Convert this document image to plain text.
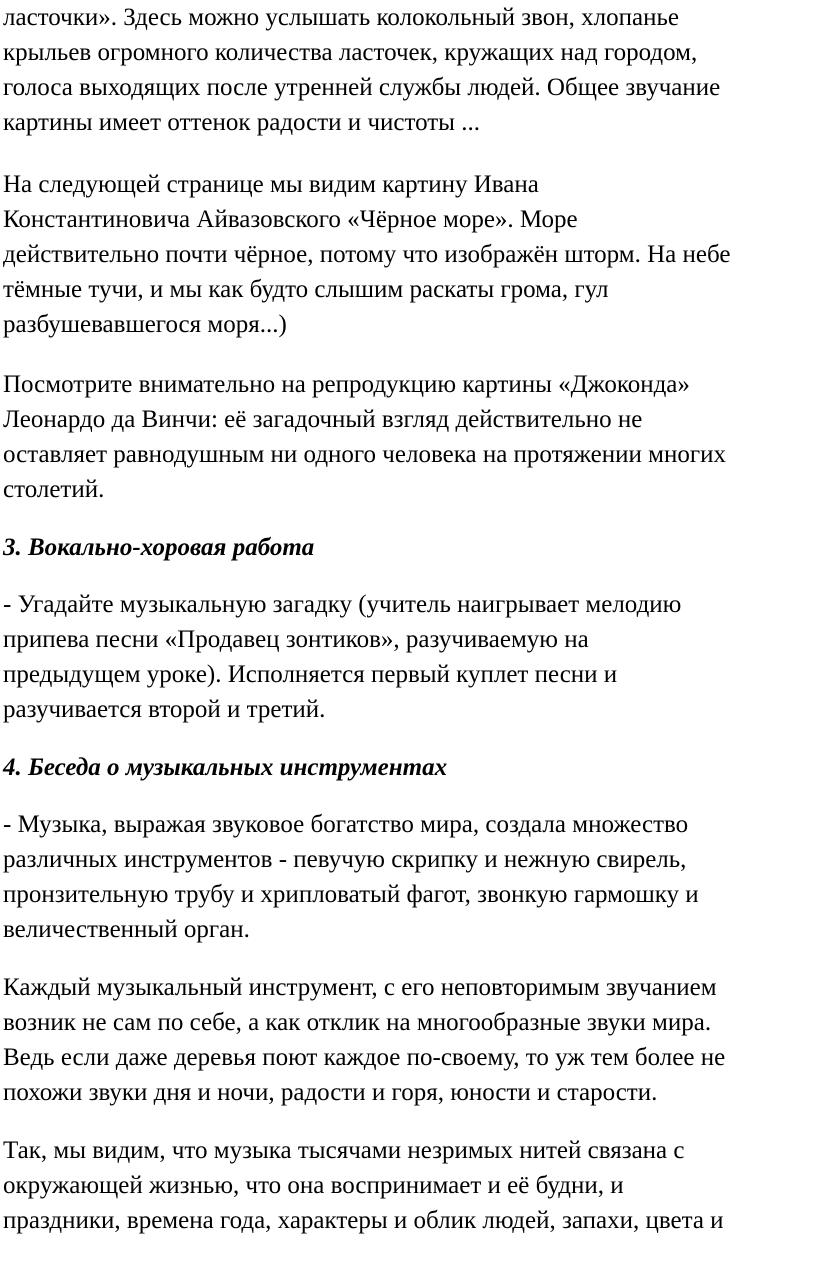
ласточки». Здесь можно услышать колокольный звон, хлопанье
крыльев огромного количества ласточек, кружащих над городом,
голоса выходящих после утренней службы людей. Общее звучание
картины имеет оттенок радости и чистоты ...

На следующей странице мы видим картину Ивана
Константиновича Айвазовского «Чёрное море». Море
действительно почти чёрное, потому что изображён шторм. На небе
тёмные тучи, и мы как будто слышим раскаты грома, гул
разбушевавшегося моря...)

Посмотрите внимательно на репродукцию картины «Джоконда»
Леонардо да Винчи: её загадочный взгляд действительно не
оставляет равнодушным ни одного человека на протяжении многих
столетий.

3. Вокально-хоровая работа

- Угадайте музыкальную загадку (учитель наигрывает мелодию
припева песни «Продавец зонтиков», разучиваемую на
предыдущем уроке). Исполняется первый куплет песни и
разучивается второй и третий.

4. Беседа о музыкальных инструментах

- Музыка, выражая звуковое богатство мира, создала множество
различных инструментов - певучую скрипку и нежную свирель,
пронзительную трубу и хрипловатый фагот, звонкую гармошку и
величественный орган.

Каждый музыкальный инструмент, с его неповторимым звучанием
возник не сам по себе, а как отклик на многообразные звуки мира.
Ведь если даже деревья поют каждое по-своему, то уж тем более не
похожи звуки дня и ночи, радости и горя, юности и старости.

Так, мы видим, что музыка тысячами незримых нитей связана с
окружающей жизнью, что она воспринимает и её будни, и
праздники, времена года, характеры и облик людей, запахи, цвета и
